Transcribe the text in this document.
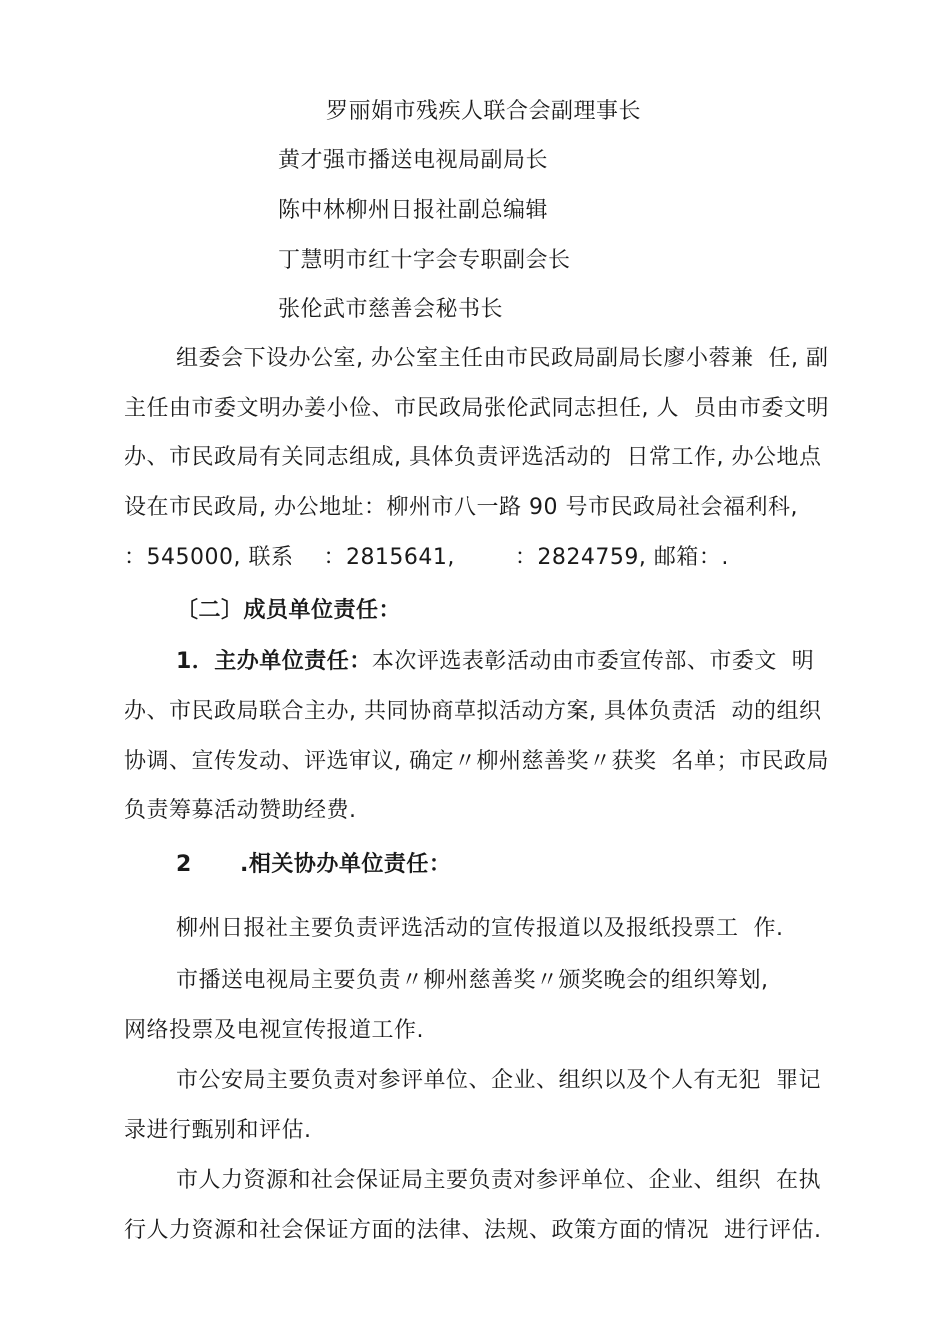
罗丽娟市残疾人联合会副理事长
黄才强市播送电视局副局长
陈中林柳州日报社副总编辑
丁慧明市红十字会专职副会长
张伦武市慈善会秘书长
组委会下设办公室, 办公室主任由市民政局副局长廖小蓉兼  任, 副
主任由市委文明办姜小俭、市民政局张伦武同志担任, 人  员由市委文明
办、市民政局有关同志组成, 具体负责评选活动的  日常工作, 办公地点
设在市民政局, 办公地址：柳州市八一路 90 号市民政局社会福利科,
：545000, 联系    ：2815641,        ：2824759, 邮箱：.
〔二〕成员单位责任：
1．主办单位责任：本次评选表彰活动由市委宣传部、市委文  明
办、市民政局联合主办, 共同协商草拟活动方案, 具体负责活  动的组织
协调、宣传发动、评选审议, 确定〃柳州慈善奖〃获奖  名单；市民政局
负责筹募活动赞助经费.
2 .相关协办单位责任：
柳州日报社主要负责评选活动的宣传报道以及报纸投票工  作.
市播送电视局主要负责〃柳州慈善奖〃颁奖晚会的组织筹划,
网络投票及电视宣传报道工作.
市公安局主要负责对参评单位、企业、组织以及个人有无犯  罪记
录进行甄别和评估.
市人力资源和社会保证局主要负责对参评单位、企业、组织  在执
行人力资源和社会保证方面的法律、法规、政策方面的情况  进行评估.
